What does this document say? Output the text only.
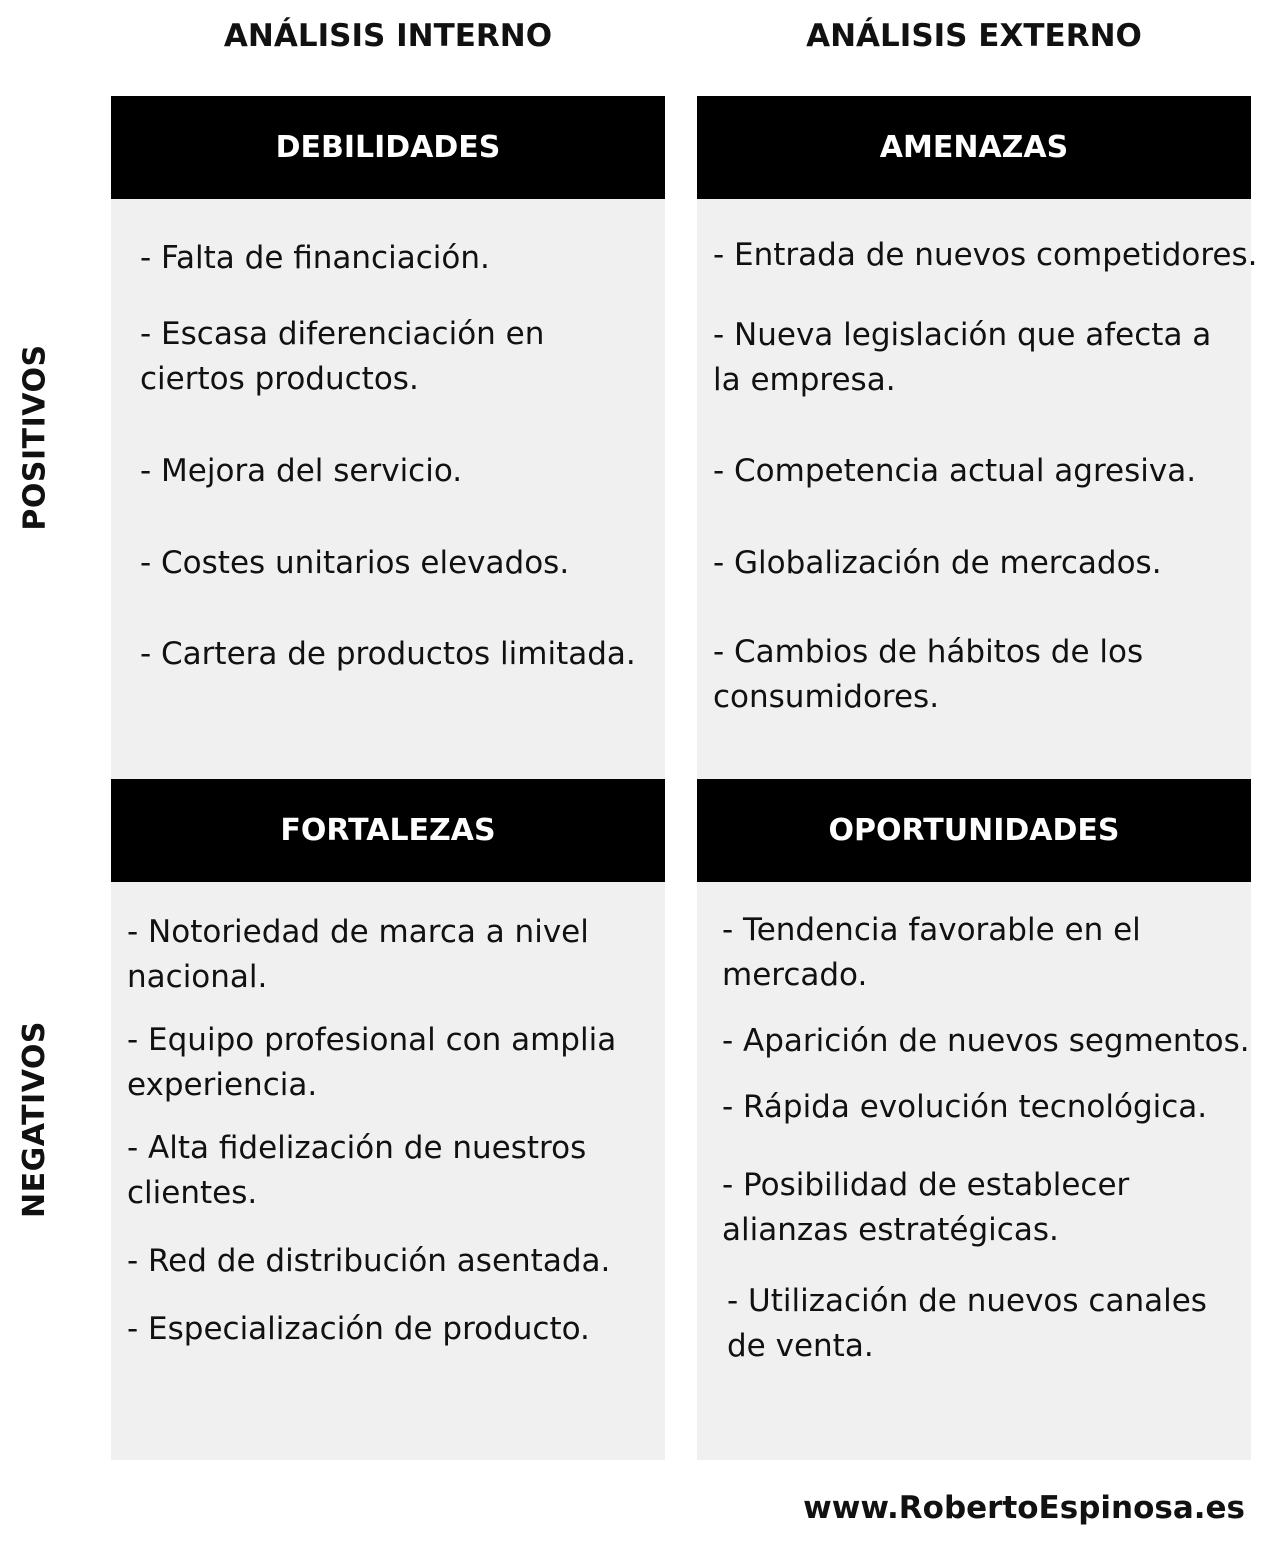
ANÁLISIS INTERNO	ANÁLISIS EXTERNO
POSITIVOS
NEGATIVOS
DEBILIDADES
- Falta de financiación.
- Escasa diferenciación en ciertos productos.
- Mejora del servicio.
- Costes unitarios elevados.
- Cartera de productos limitada.
AMENAZAS
- Entrada de nuevos competidores.
- Nueva legislación que afecta a la empresa.
- Competencia actual agresiva.
- Globalización de mercados.
- Cambios de hábitos de los consumidores.
FORTALEZAS
- Notoriedad de marca a nivel nacional.
- Equipo profesional con amplia experiencia.
- Alta fidelización de nuestros clientes.
- Red de distribución asentada.
- Especialización de producto.
OPORTUNIDADES
- Tendencia favorable en el mercado.
- Aparición de nuevos segmentos.
- Rápida evolución tecnológica.
- Posibilidad de establecer alianzas estratégicas.
- Utilización de nuevos canales de venta.
www.RobertoEspinosa.es
